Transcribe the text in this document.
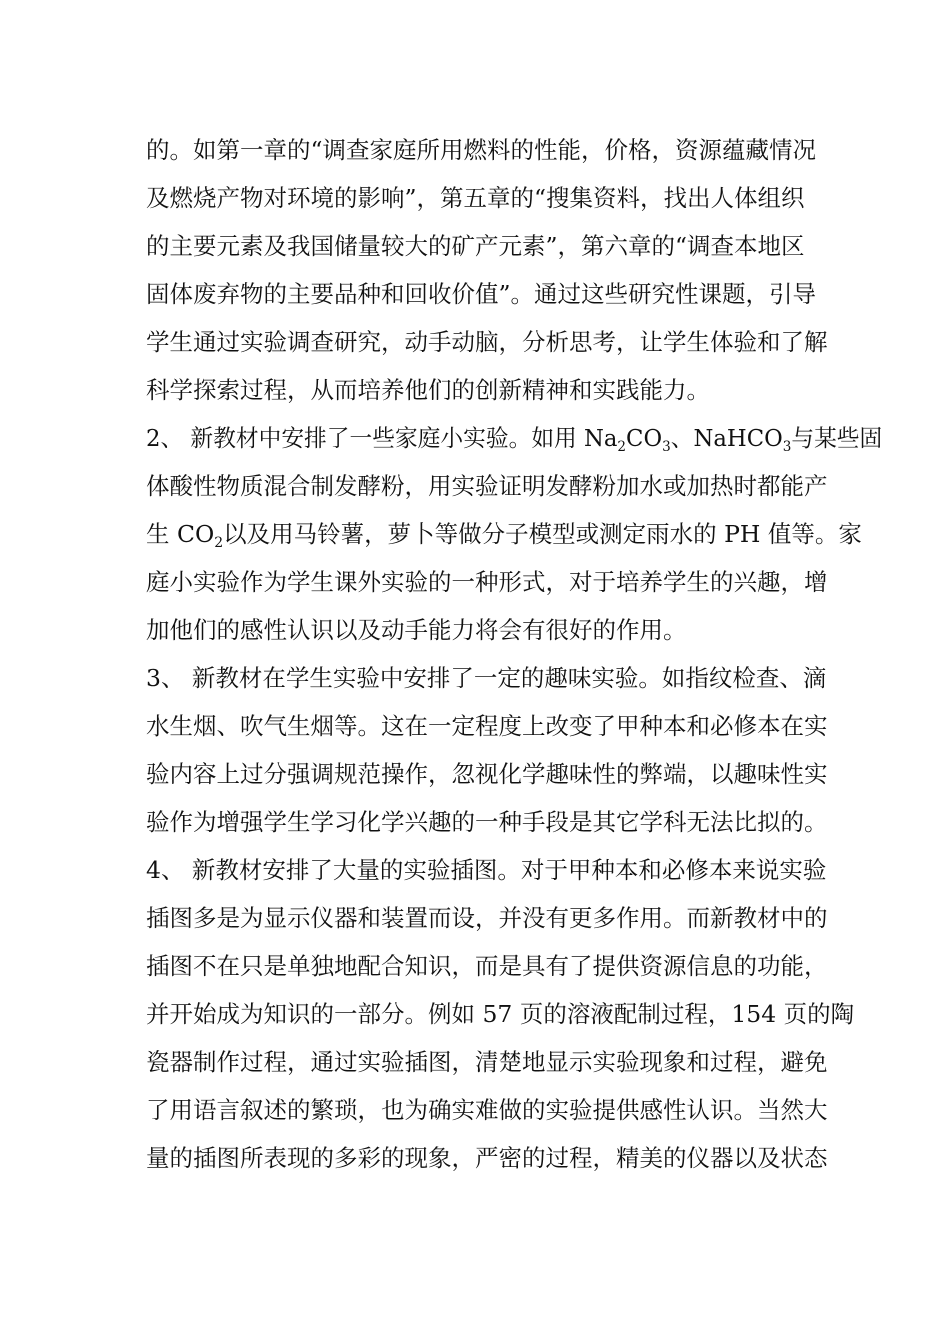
的。如第一章的“调查家庭所用燃料的性能，价格，资源蕴藏情况
及燃烧产物对环境的影响”，第五章的“搜集资料，找出人体组织
的主要元素及我国储量较大的矿产元素”，第六章的“调查本地区
固体废弃物的主要品种和回收价值”。通过这些研究性课题，引导
学生通过实验调查研究，动手动脑，分析思考，让学生体验和了解
科学探索过程，从而培养他们的创新精神和实践能力。
2、 新教材中安排了一些家庭小实验。如用 $Na_2CO_3$、NaHCO$_3$与某些固
体酸性物质混合制发酵粉，用实验证明发酵粉加水或加热时都能产
生 $CO_2$以及用马铃薯，萝卜等做分子模型或测定雨水的 PH 值等。家
庭小实验作为学生课外实验的一种形式，对于培养学生的兴趣，增
加他们的感性认识以及动手能力将会有很好的作用。
3、 新教材在学生实验中安排了一定的趣味实验。如指纹检查、滴
水生烟、吹气生烟等。这在一定程度上改变了甲种本和必修本在实
验内容上过分强调规范操作，忽视化学趣味性的弊端，以趣味性实
验作为增强学生学习化学兴趣的一种手段是其它学科无法比拟的。
4、 新教材安排了大量的实验插图。对于甲种本和必修本来说实验
插图多是为显示仪器和装置而设，并没有更多作用。而新教材中的
插图不在只是单独地配合知识，而是具有了提供资源信息的功能，
并开始成为知识的一部分。例如 57 页的溶液配制过程，154 页的陶
瓷器制作过程，通过实验插图，清楚地显示实验现象和过程，避免
了用语言叙述的繁琐，也为确实难做的实验提供感性认识。当然大
量的插图所表现的多彩的现象，严密的过程，精美的仪器以及状态
